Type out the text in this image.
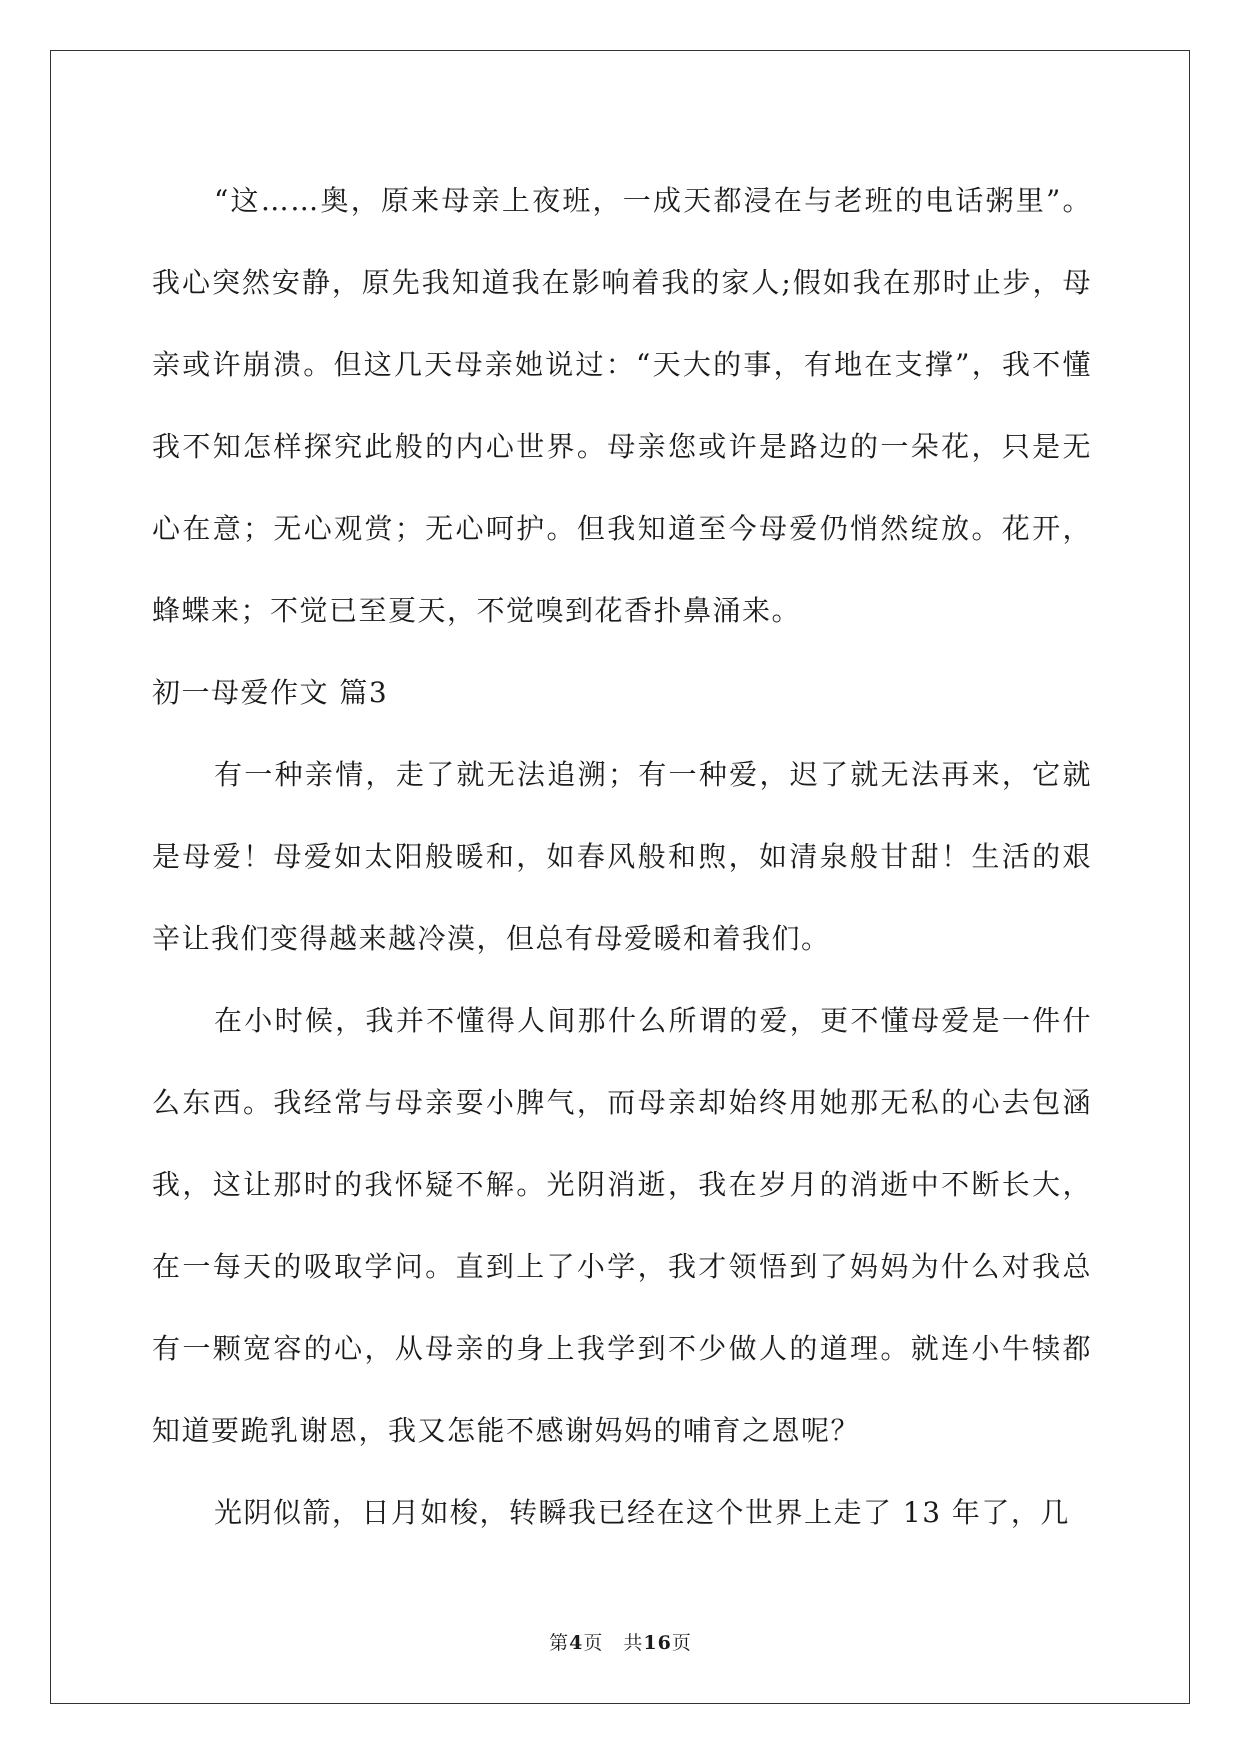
“这……奥，原来母亲上夜班，一成天都浸在与老班的电话粥里”。我心突然安静，原先我知道我在影响着我的家人;假如我在那时止步，母亲或许崩溃。但这几天母亲她说过：“天大的事，有地在支撑”，我不懂我不知怎样探究此般的内心世界。母亲您或许是路边的一朵花，只是无心在意；无心观赏；无心呵护。但我知道至今母爱仍悄然绽放。花开，蜂蝶来；不觉已至夏天，不觉嗅到花香扑鼻涌来。

初一母爱作文 篇3

有一种亲情，走了就无法追溯；有一种爱，迟了就无法再来，它就是母爱！母爱如太阳般暖和，如春风般和煦，如清泉般甘甜！生活的艰辛让我们变得越来越冷漠，但总有母爱暖和着我们。

在小时候，我并不懂得人间那什么所谓的爱，更不懂母爱是一件什么东西。我经常与母亲耍小脾气，而母亲却始终用她那无私的心去包涵我，这让那时的我怀疑不解。光阴消逝，我在岁月的消逝中不断长大，在一每天的吸取学问。直到上了小学，我才领悟到了妈妈为什么对我总有一颗宽容的心，从母亲的身上我学到不少做人的道理。就连小牛犊都知道要跪乳谢恩，我又怎能不感谢妈妈的哺育之恩呢？

光阴似箭，日月如梭，转瞬我已经在这个世界上走了 13 年了，几

第4页 共16页
